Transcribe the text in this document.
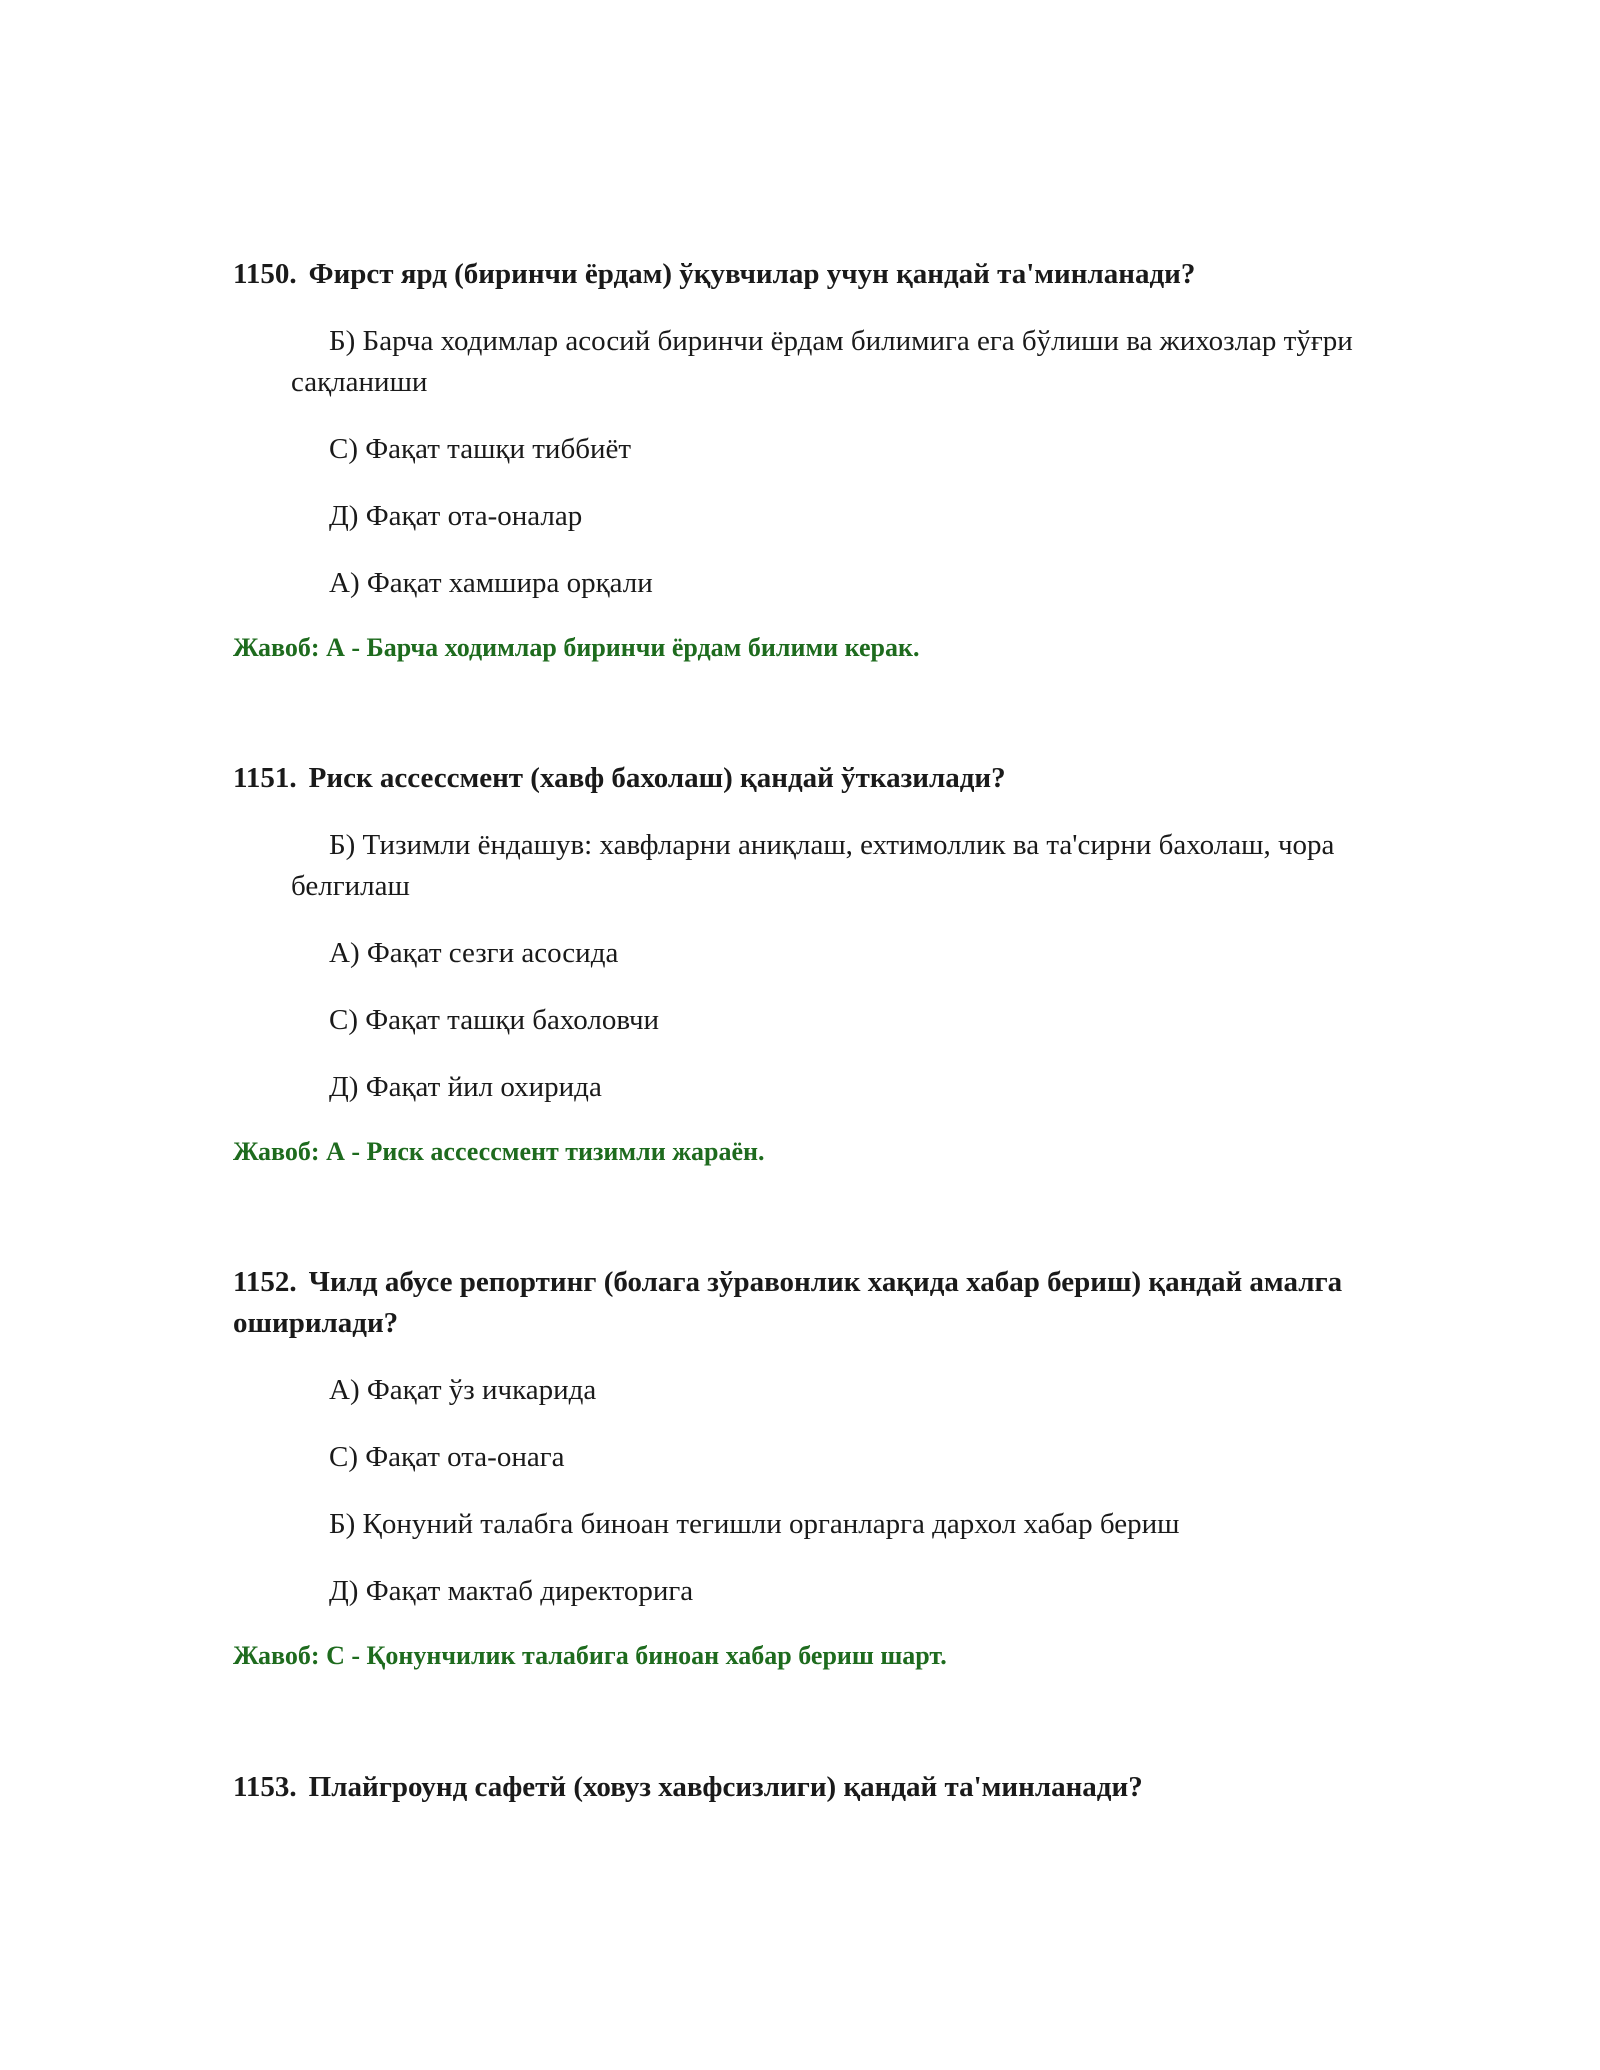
1150. Фирст ярд (биринчи ёрдам) ўқувчилар учун қандай та'минланади?

Б) Барча ходимлар асосий биринчи ёрдам билимига ега бўлиши ва жихозлар тўғри сақланиши

С) Фақат ташқи тиббиёт

Д) Фақат ота-оналар

А) Фақат хамшира орқали

Жавоб: А - Барча ходимлар биринчи ёрдам билими керак.

1151. Риск ассессмент (хавф бахолаш) қандай ўтказилади?

Б) Тизимли ёндашув: хавфларни аниқлаш, ехтимоллик ва та'сирни бахолаш, чора белгилаш

А) Фақат сезги асосида

С) Фақат ташқи бахоловчи

Д) Фақат йил охирида

Жавоб: А - Риск ассессмент тизимли жараён.

1152. Чилд абусе репортинг (болага зўравонлик хақида хабар бериш) қандай амалга оширилади?

А) Фақат ўз ичкарида

С) Фақат ота-онага

Б) Қонуний талабга биноан тегишли органларга дархол хабар бериш

Д) Фақат мактаб директорига

Жавоб: С - Қонунчилик талабига биноан хабар бериш шарт.

1153. Плайгроунд сафетй (ховуз хавфсизлиги) қандай та'минланади?
